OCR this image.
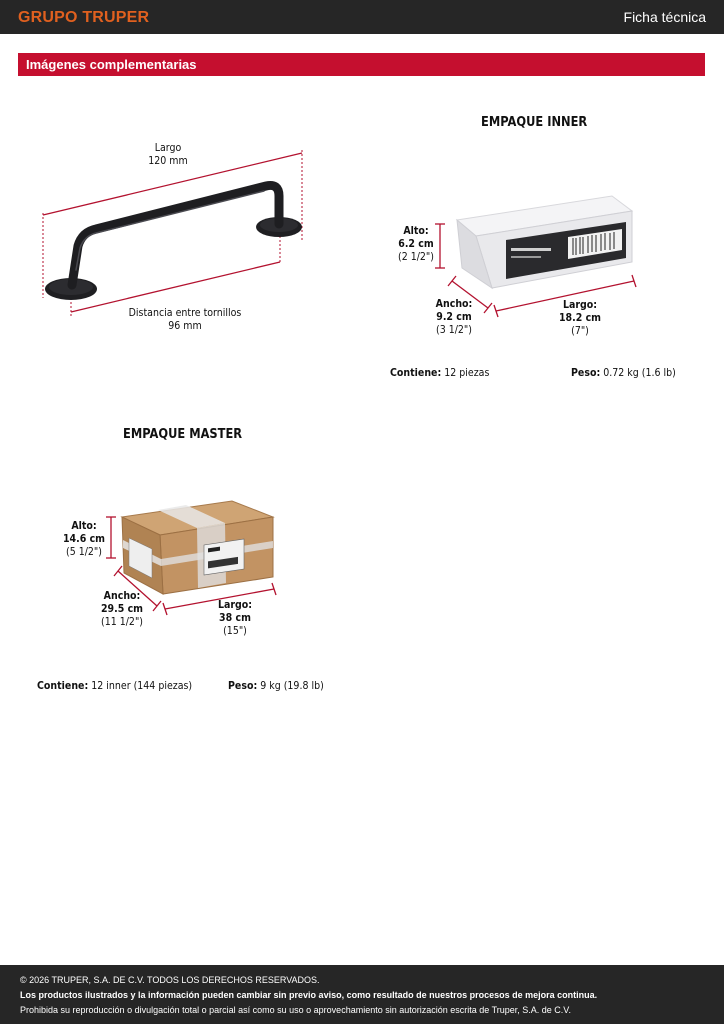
GRUPO TRUPER	Ficha técnica
Imágenes complementarias
Largo
120 mm
Distancia entre tornillos
96 mm
EMPAQUE INNER
Alto:
6.2 cm
(2 1/2")
Ancho:
9.2 cm
(3 1/2")
Largo:
18.2 cm
(7")
Contiene: 12 piezas	Peso: 0.72 kg (1.6 lb)
EMPAQUE MASTER
Alto:
14.6 cm
(5 1/2")
Ancho:
29.5 cm
(11 1/2")
Largo:
38 cm
(15")
Contiene: 12 inner (144 piezas)	Peso: 9 kg (19.8 lb)
© 2026 TRUPER, S.A. DE C.V. TODOS LOS DERECHOS RESERVADOS.
Los productos ilustrados y la información pueden cambiar sin previo aviso, como resultado de nuestros procesos de mejora continua.
Prohibida su reproducción o divulgación total o parcial así como su uso o aprovechamiento sin autorización escrita de Truper, S.A. de C.V.
